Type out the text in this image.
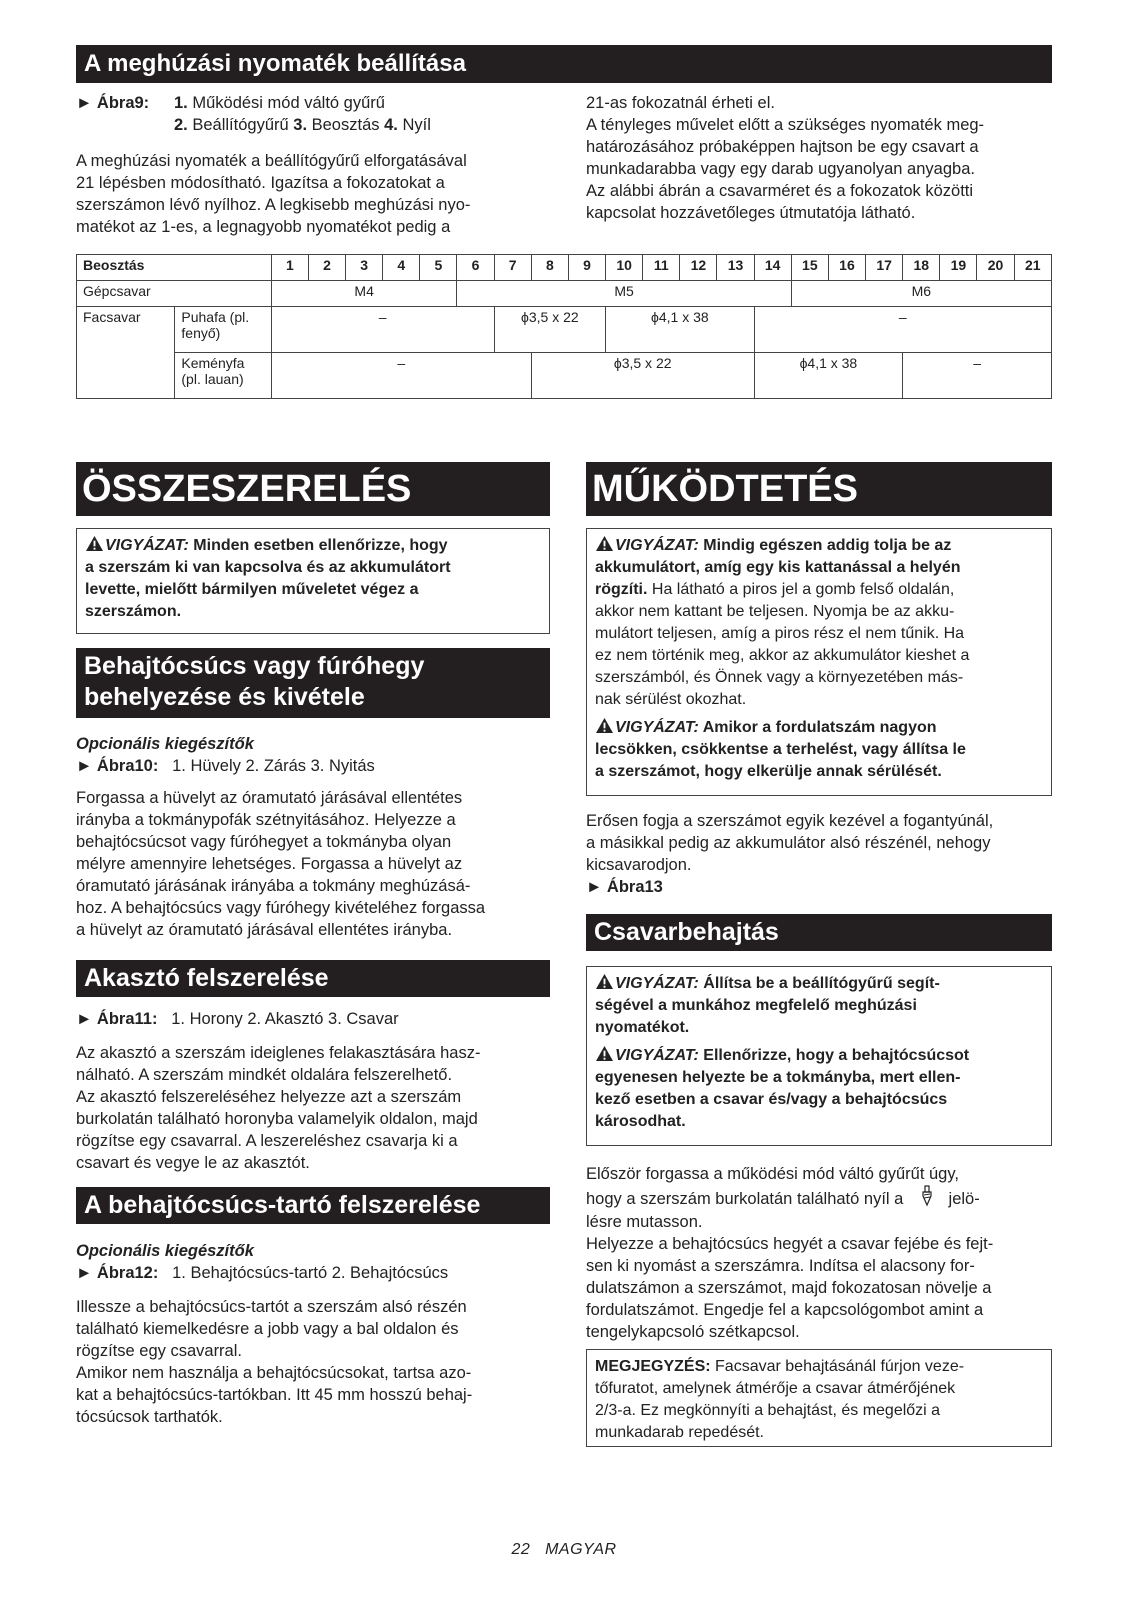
A meghúzási nyomaték beállítása
► Ábra9: 1. Működési mód váltó gyűrű
2. Beállítógyűrű 3. Beosztás 4. Nyíl
A meghúzási nyomaték a beállítógyűrű elforgatásával
21 lépésben módosítható. Igazítsa a fokozatokat a
szerszámon lévő nyílhoz. A legkisebb meghúzási nyo-
matékot az 1-es, a legnagyobb nyomatékot pedig a
21-as fokozatnál érheti el.
A tényleges művelet előtt a szükséges nyomaték meg-
határozásához próbaképpen hajtson be egy csavart a
munkadarabba vagy egy darab ugyanolyan anyagba.
Az alábbi ábrán a csavarméret és a fokozatok közötti
kapcsolat hozzávetőleges útmutatója látható.
Beosztás		1	2	3	4	5	6	7	8	9	10	11	12	13	14	15	16	17	18	19	20	21
Gépcsavar		M4					M5									M6						
Facsavar	Puhafa (pl.
fenyő)	–						ϕ3,5 x 22			ϕ4,1 x 38				–							

	Keményfa
(pl. lauan)	–							ϕ3,5 x 22						ϕ4,1 x 38				–			
ÖSSZESZERELÉS
VIGYÁZAT: Minden esetben ellenőrizze, hogy
a szerszám ki van kapcsolva és az akkumulátort
levette, mielőtt bármilyen műveletet végez a
szerszámon.
Behajtócsúcs vagy fúróhegy
behelyezése és kivétele
Opcionális kiegészítők
► Ábra10: 1. Hüvely 2. Zárás 3. Nyitás
Forgassa a hüvelyt az óramutató járásával ellentétes
irányba a tokmánypofák szétnyitásához. Helyezze a
behajtócsúcsot vagy fúróhegyet a tokmányba olyan
mélyre amennyire lehetséges. Forgassa a hüvelyt az
óramutató járásának irányába a tokmány meghúzásá-
hoz. A behajtócsúcs vagy fúróhegy kivételéhez forgassa
a hüvelyt az óramutató járásával ellentétes irányba.
Akasztó felszerelése
► Ábra11: 1. Horony 2. Akasztó 3. Csavar
Az akasztó a szerszám ideiglenes felakasztására hasz-
nálható. A szerszám mindkét oldalára felszerelhető.
Az akasztó felszereléséhez helyezze azt a szerszám
burkolatán található horonyba valamelyik oldalon, majd
rögzítse egy csavarral. A leszereléshez csavarja ki a
csavart és vegye le az akasztót.
A behajtócsúcs-tartó felszerelése
Opcionális kiegészítők
► Ábra12: 1. Behajtócsúcs-tartó 2. Behajtócsúcs
Illessze a behajtócsúcs-tartót a szerszám alsó részén
található kiemelkedésre a jobb vagy a bal oldalon és
rögzítse egy csavarral.
Amikor nem használja a behajtócsúcsokat, tartsa azo-
kat a behajtócsúcs-tartókban. Itt 45 mm hosszú behaj-
tócsúcsok tarthatók.
MŰKÖDTETÉS
VIGYÁZAT: Mindig egészen addig tolja be az
akkumulátort, amíg egy kis kattanással a helyén
rögzíti. Ha látható a piros jel a gomb felső oldalán,
akkor nem kattant be teljesen. Nyomja be az akku-
mulátort teljesen, amíg a piros rész el nem tűnik. Ha
ez nem történik meg, akkor az akkumulátor kieshet a
szerszámból, és Önnek vagy a környezetében más-
nak sérülést okozhat.
VIGYÁZAT: Amikor a fordulatszám nagyon
lecsökken, csökkentse a terhelést, vagy állítsa le
a szerszámot, hogy elkerülje annak sérülését.
Erősen fogja a szerszámot egyik kezével a fogantyúnál,
a másikkal pedig az akkumulátor alsó részénél, nehogy
kicsavarodjon.
► Ábra13
Csavarbehajtás
VIGYÁZAT: Állítsa be a beállítógyűrű segít-
ségével a munkához megfelelő meghúzási
nyomatékot.
VIGYÁZAT: Ellenőrizze, hogy a behajtócsúcsot
egyenesen helyezte be a tokmányba, mert ellen-
kező esetben a csavar és/vagy a behajtócsúcs
károsodhat.
Először forgassa a működési mód váltó gyűrűt úgy,
hogy a szerszám burkolatán található nyíl a	jelö-
lésre mutasson.
Helyezze a behajtócsúcs hegyét a csavar fejébe és fejt-
sen ki nyomást a szerszámra. Indítsa el alacsony for-
dulatszámon a szerszámot, majd fokozatosan növelje a
fordulatszámot. Engedje fel a kapcsológombot amint a
tengelykapcsoló szétkapcsol.
MEGJEGYZÉS: Facsavar behajtásánál fúrjon veze-
tőfuratot, amelynek átmérője a csavar átmérőjének
2/3-a. Ez megkönnyíti a behajtást, és megelőzi a
munkadarab repedését.
22   MAGYAR
